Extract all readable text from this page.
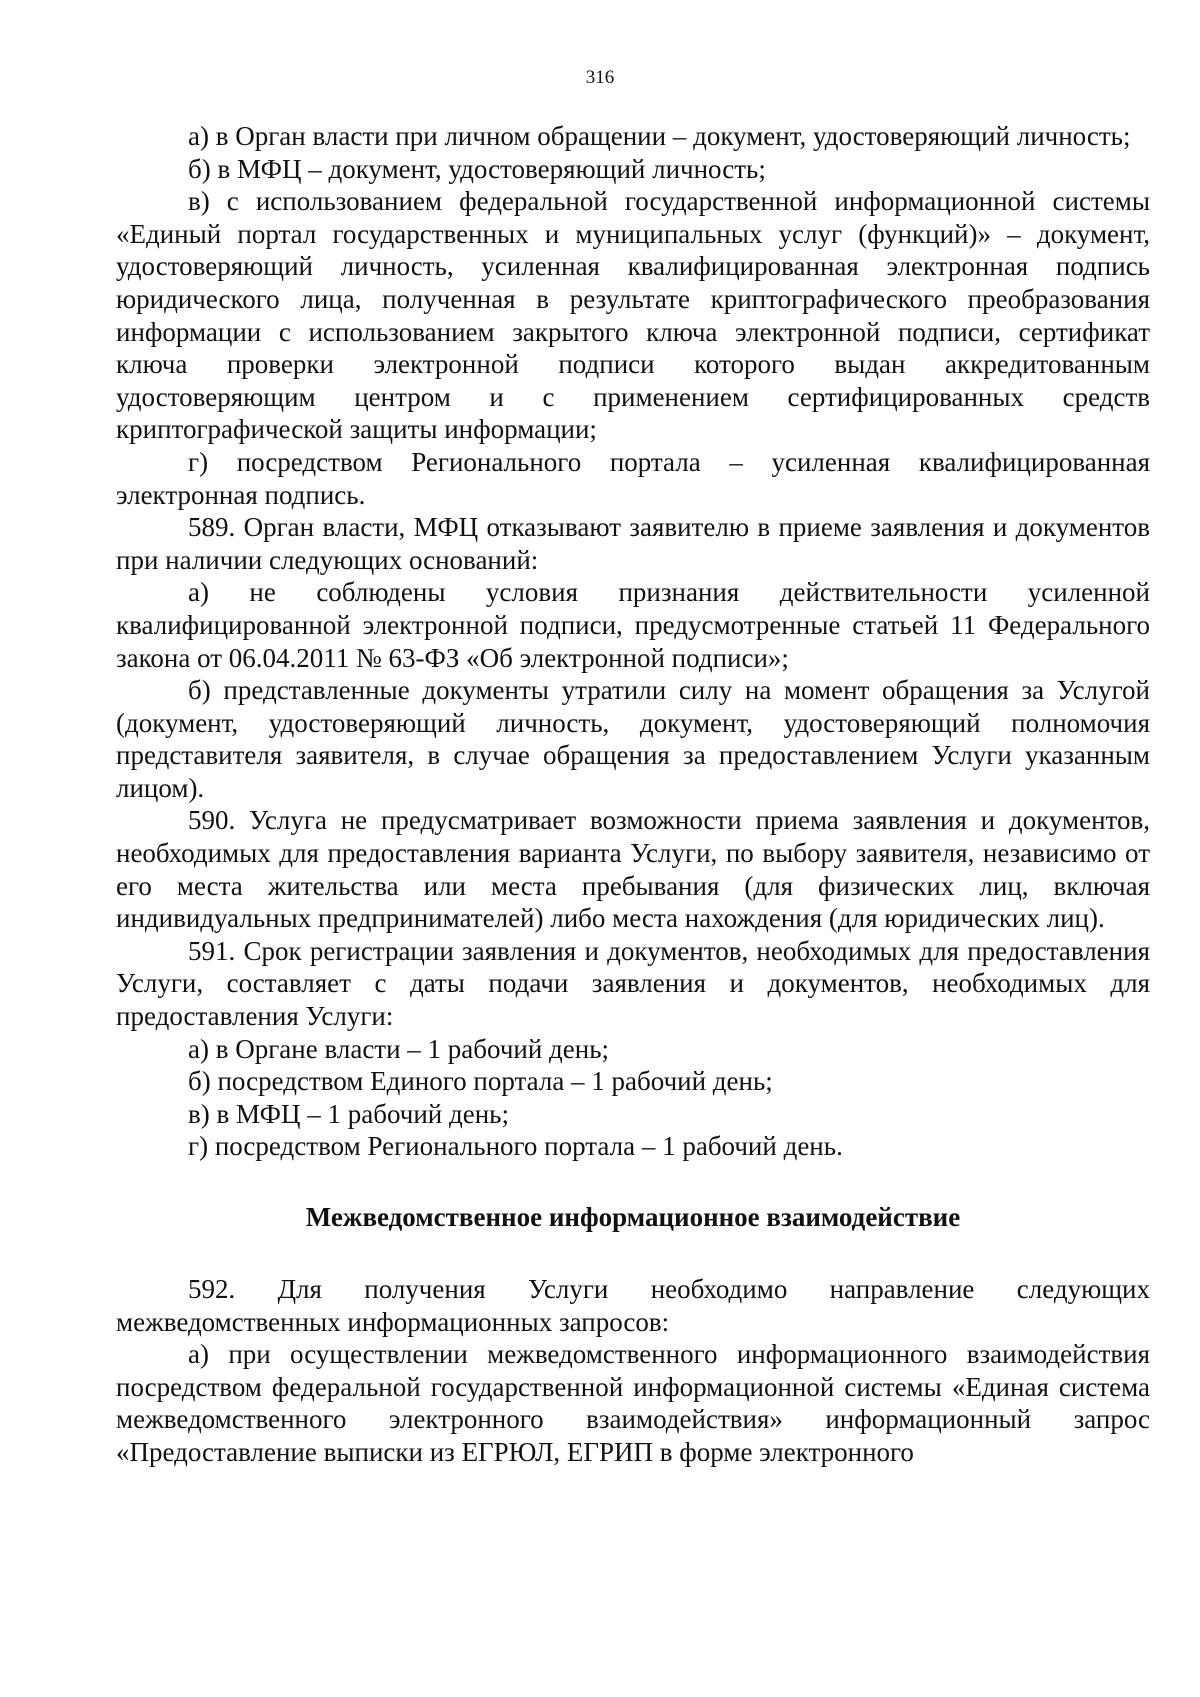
316

а) в Орган власти при личном обращении – документ, удостоверяющий личность;

б) в МФЦ – документ, удостоверяющий личность;

в) с использованием федеральной государственной информационной системы «Единый портал государственных и муниципальных услуг (функций)» – документ, удостоверяющий личность, усиленная квалифицированная электронная подпись юридического лица, полученная в результате криптографического преобразования информации с использованием закрытого ключа электронной подписи, сертификат ключа проверки электронной подписи которого выдан аккредитованным удостоверяющим центром и с применением сертифицированных средств криптографической защиты информации;

г) посредством Регионального портала – усиленная квалифицированная электронная подпись.

589. Орган власти, МФЦ отказывают заявителю в приеме заявления и документов при наличии следующих оснований:

а) не соблюдены условия признания действительности усиленной квалифицированной электронной подписи, предусмотренные статьей 11 Федерального закона от 06.04.2011 № 63-ФЗ «Об электронной подписи»;

б) представленные документы утратили силу на момент обращения за Услугой (документ, удостоверяющий личность, документ, удостоверяющий полномочия представителя заявителя, в случае обращения за предоставлением Услуги указанным лицом).

590. Услуга не предусматривает возможности приема заявления и документов, необходимых для предоставления варианта Услуги, по выбору заявителя, независимо от его места жительства или места пребывания (для физических лиц, включая индивидуальных предпринимателей) либо места нахождения (для юридических лиц).

591. Срок регистрации заявления и документов, необходимых для предоставления Услуги, составляет с даты подачи заявления и документов, необходимых для предоставления Услуги:

а) в Органе власти – 1 рабочий день;

б) посредством Единого портала – 1 рабочий день;

в) в МФЦ – 1 рабочий день;

г) посредством Регионального портала – 1 рабочий день.

Межведомственное информационное взаимодействие

592. Для получения Услуги необходимо направление следующих межведомственных информационных запросов:

а) при осуществлении межведомственного информационного взаимодействия посредством федеральной государственной информационной системы «Единая система межведомственного электронного взаимодействия» информационный запрос «Предоставление выписки из ЕГРЮЛ, ЕГРИП в форме электронного
